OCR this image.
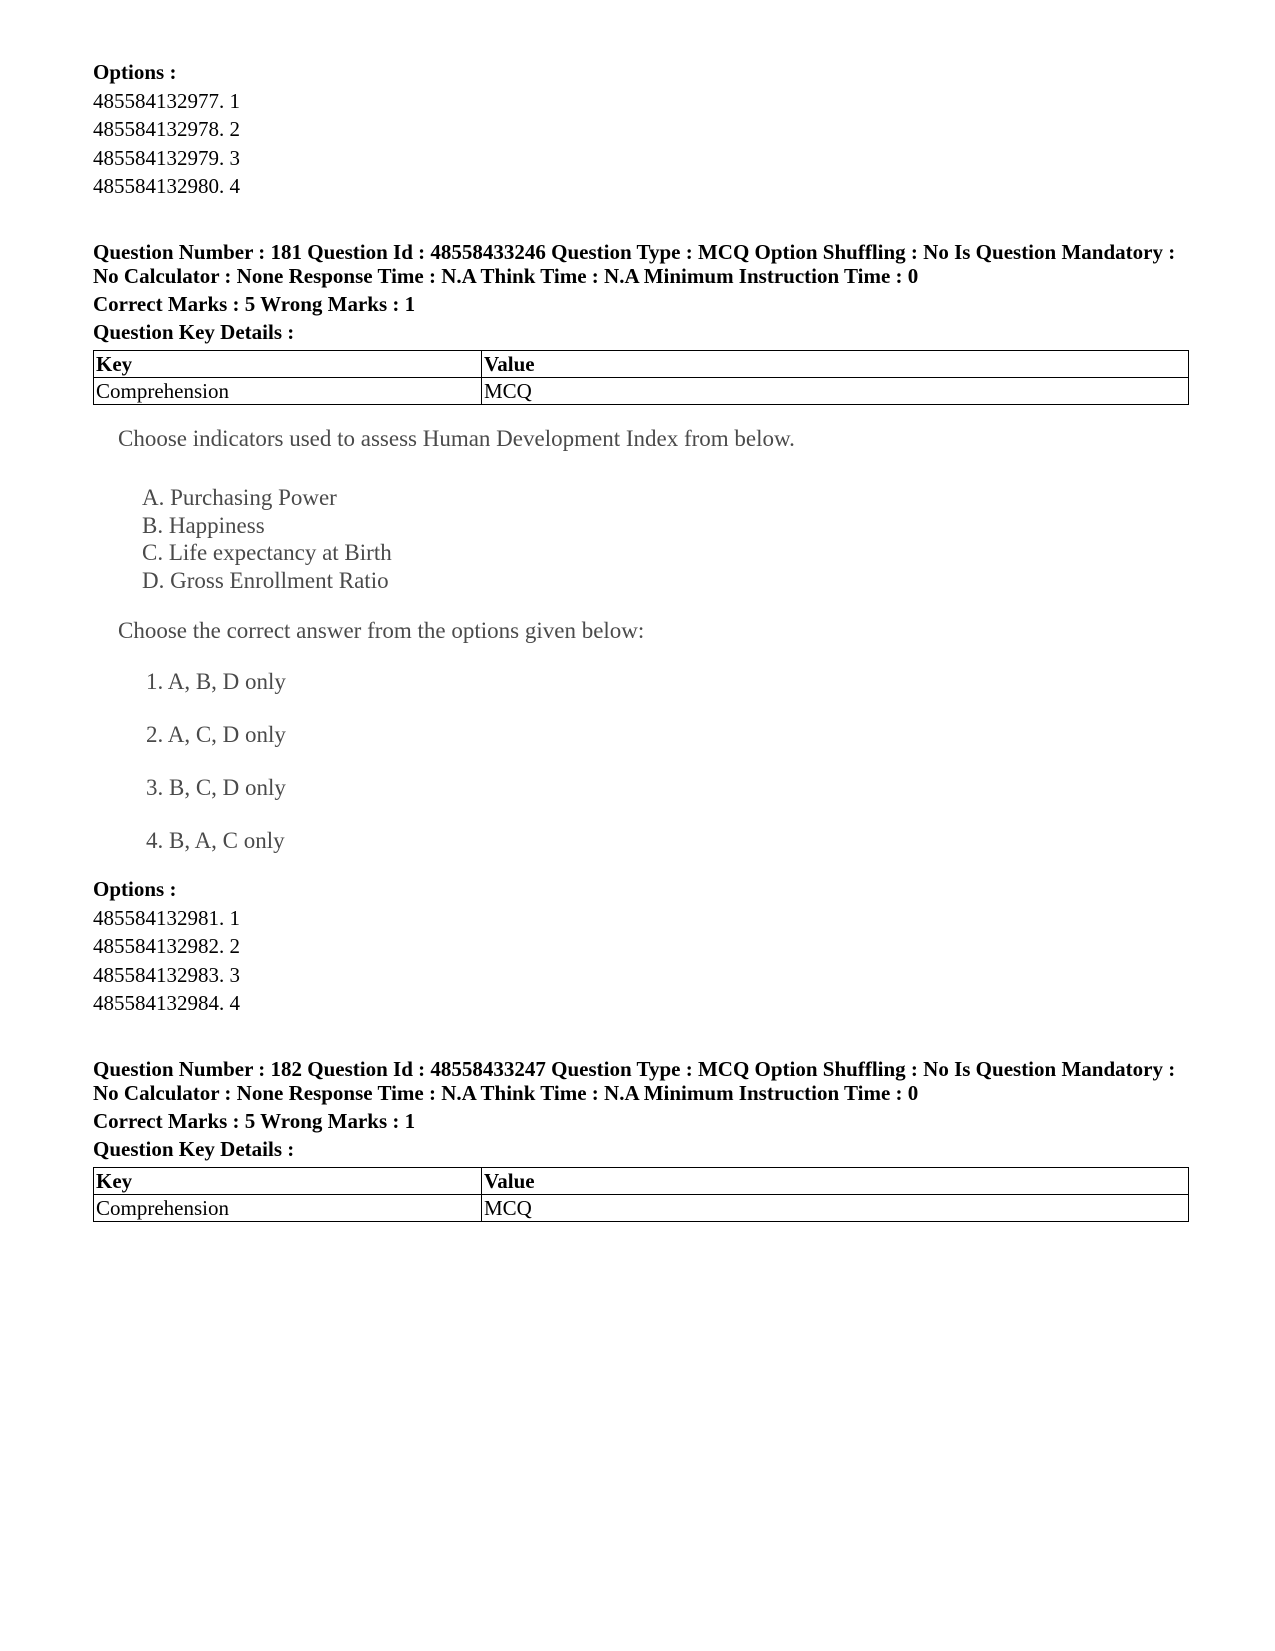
Options :
485584132977. 1
485584132978. 2
485584132979. 3
485584132980. 4
Question Number : 181 Question Id : 48558433246 Question Type : MCQ Option Shuffling : No Is Question Mandatory :
No Calculator : None Response Time : N.A Think Time : N.A Minimum Instruction Time : 0
Correct Marks : 5 Wrong Marks : 1
Question Key Details :
Key	Value
Comprehension	MCQ
Choose indicators used to assess Human Development Index from below.
A. Purchasing Power
B. Happiness
C. Life expectancy at Birth
D. Gross Enrollment Ratio
Choose the correct answer from the options given below:
1. A, B, D only
2. A, C, D only
3. B, C, D only
4. B, A, C only
Options :
485584132981. 1
485584132982. 2
485584132983. 3
485584132984. 4
Question Number : 182 Question Id : 48558433247 Question Type : MCQ Option Shuffling : No Is Question Mandatory :
No Calculator : None Response Time : N.A Think Time : N.A Minimum Instruction Time : 0
Correct Marks : 5 Wrong Marks : 1
Question Key Details :
Key	Value
Comprehension	MCQ
